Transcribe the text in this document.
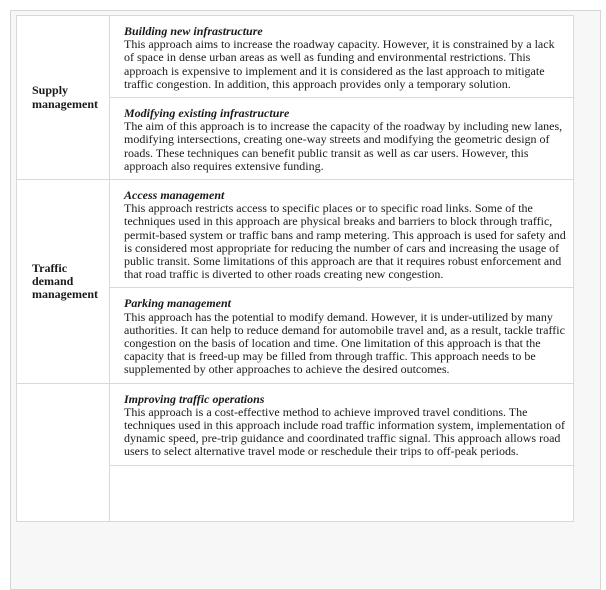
Supply management	Building new infrastructure
This approach aims to increase the roadway capacity. However, it is constrained by a lack of space in dense urban areas as well as funding and environmental restrictions. This approach is expensive to implement and it is considered as the last approach to mitigate traffic congestion. In addition, this approach provides only a temporary solution.

	Modifying existing infrastructure
The aim of this approach is to increase the capacity of the roadway by including new lanes, modifying intersections, creating one-way streets and modifying the geometric design of roads. These techniques can benefit public transit as well as car users. However, this approach also requires extensive funding.

Traffic demand management	Access management
This approach restricts access to specific places or to specific road links. Some of the techniques used in this approach are physical breaks and barriers to block through traffic, permit-based system or traffic bans and ramp metering. This approach is used for safety and is considered most appropriate for reducing the number of cars and increasing the usage of public transit. Some limitations of this approach are that it requires robust enforcement and that road traffic is diverted to other roads creating new congestion.

	Parking management
This approach has the potential to modify demand. However, it is under-utilized by many authorities. It can help to reduce demand for automobile travel and, as a result, tackle traffic congestion on the basis of location and time. One limitation of this approach is that the capacity that is freed-up may be filled from through traffic. This approach needs to be supplemented by other approaches to achieve the desired outcomes.

	Improving traffic operations
This approach is a cost-effective method to achieve improved travel conditions. The techniques used in this approach include road traffic information system, implementation of dynamic speed, pre-trip guidance and coordinated traffic signal. This approach allows road users to select alternative travel mode or reschedule their trips to off-peak periods.
